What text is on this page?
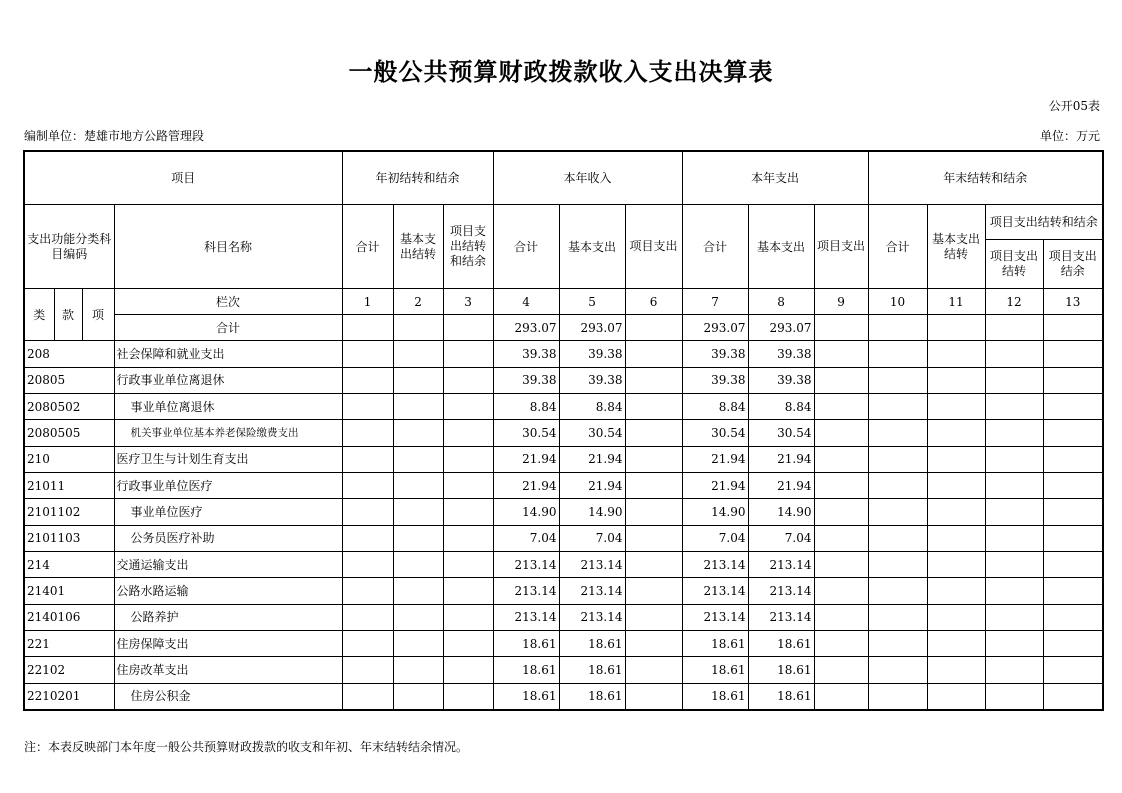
一般公共预算财政拨款收入支出决算表
公开05表
编制单位：楚雄市地方公路管理段	单位：万元
项目				年初结转和结余			本年收入			本年支出			年末结转和结余			
支出功能分类科目编码			科目名称	合计	基本支出结转	项目支出结转和结余	合计	基本支出	项目支出	合计	基本支出	项目支出	合计	基本支出结转	项目支出结转和结余	
															项目支出结转	项目支出结余
类	款	项	栏次	1	2	3	4	5	6	7	8	9	10	11	12	13
			合计				293.07	293.07		293.07	293.07					
208			社会保障和就业支出				39.38	39.38		39.38	39.38					
20805			行政事业单位离退休				39.38	39.38		39.38	39.38					
2080502			事业单位离退休				8.84	8.84		8.84	8.84					
2080505			机关事业单位基本养老保险缴费支出				30.54	30.54		30.54	30.54					
210			医疗卫生与计划生育支出				21.94	21.94		21.94	21.94					
21011			行政事业单位医疗				21.94	21.94		21.94	21.94					
2101102			事业单位医疗				14.90	14.90		14.90	14.90					
2101103			公务员医疗补助				7.04	7.04		7.04	7.04					
214			交通运输支出				213.14	213.14		213.14	213.14					
21401			公路水路运输				213.14	213.14		213.14	213.14					
2140106			公路养护				213.14	213.14		213.14	213.14					
221			住房保障支出				18.61	18.61		18.61	18.61					
22102			住房改革支出				18.61	18.61		18.61	18.61					
2210201			住房公积金				18.61	18.61		18.61	18.61					
注：本表反映部门本年度一般公共预算财政拨款的收支和年初、年末结转结余情况。
